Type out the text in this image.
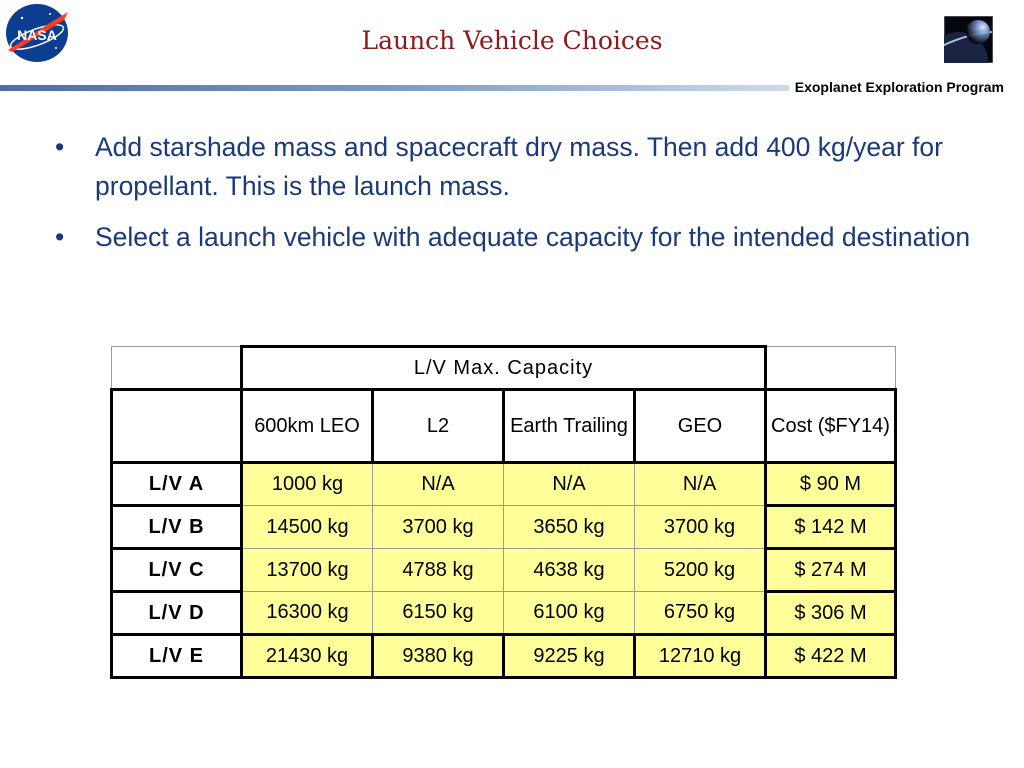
NASA	Launch Vehicle Choices
Exoplanet Exploration Program
• Add starshade mass and spacecraft dry mass. Then add 400 kg/year for propellant. This is the launch mass.
• Select a launch vehicle with adequate capacity for the intended destination
	L/V Max. Capacity				
	600km LEO	L2	Earth Trailing	GEO	Cost ($FY14)
L/V A	1000 kg	N/A	N/A	N/A	$ 90 M
L/V B	14500 kg	3700 kg	3650 kg	3700 kg	$ 142 M
L/V C	13700 kg	4788 kg	4638 kg	5200 kg	$ 274 M
L/V D	16300 kg	6150 kg	6100 kg	6750 kg	$ 306 M
L/V E	21430 kg	9380 kg	9225 kg	12710 kg	$ 422 M
